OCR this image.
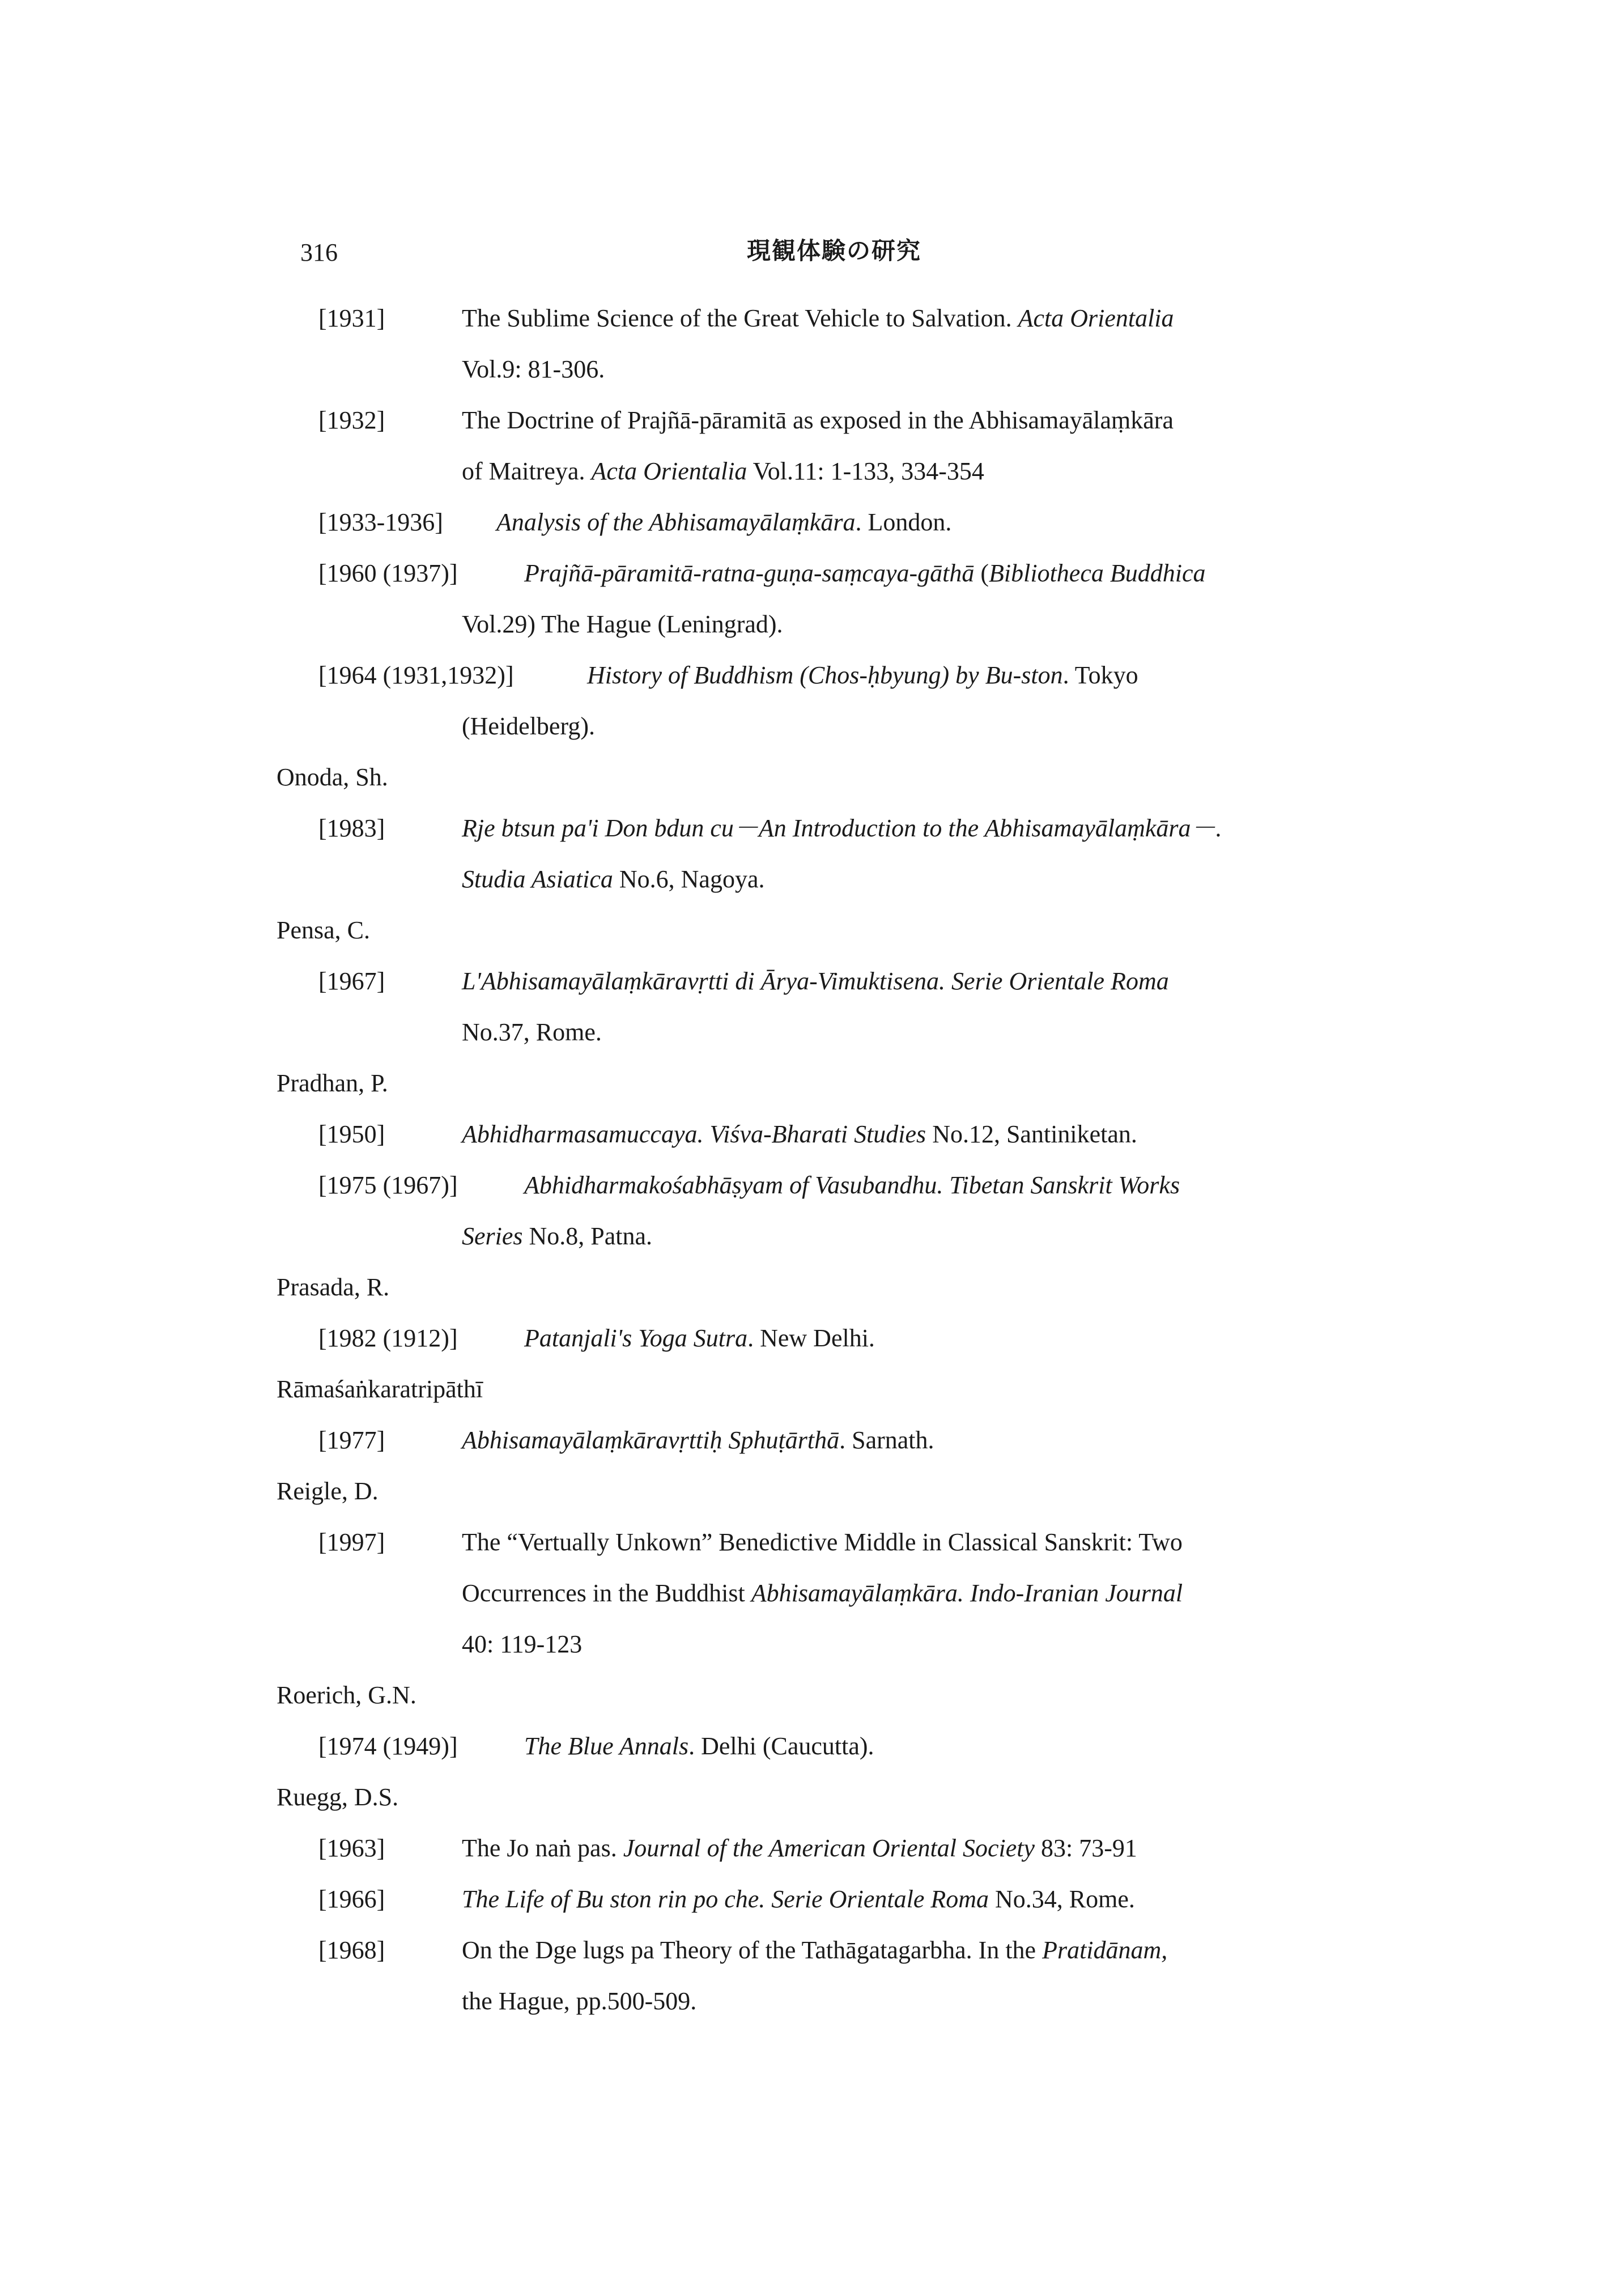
316	現観体験の研究
[1931]	The Sublime Science of the Great Vehicle to Salvation. Acta Orientalia
Vol.9: 81-306.
[1932]	The Doctrine of Prajñā-pāramitā as exposed in the Abhisamayālaṃkāra
of Maitreya. Acta Orientalia Vol.11: 1-133, 334-354
[1933-1936] Analysis of the Abhisamayālaṃkāra. London.
[1960 (1937)]	Prajñā-pāramitā-ratna-guṇa-saṃcaya-gāthā (Bibliotheca Buddhica
Vol.29) The Hague (Leningrad).
[1964 (1931,1932)]	History of Buddhism (Chos-ḥbyung) by Bu-ston. Tokyo
(Heidelberg).
Onoda, Sh.
[1983]	Rje btsun pa'i Don bdun cu－An Introduction to the Abhisamayālaṃkāra－.
Studia Asiatica No.6, Nagoya.
Pensa, C.
[1967]	L'Abhisamayālaṃkāravṛtti di Ārya-Vimuktisena. Serie Orientale Roma
No.37, Rome.
Pradhan, P.
[1950]	Abhidharmasamuccaya. Viśva-Bharati Studies No.12, Santiniketan.
[1975 (1967)]	Abhidharmakośabhāṣyam of Vasubandhu. Tibetan Sanskrit Works
Series No.8, Patna.
Prasada, R.
[1982 (1912)]	Patanjali's Yoga Sutra. New Delhi.
Rāmaśaṅkaratripāthī
[1977]	Abhisamayālaṃkāravṛttiḥ Sphuṭārthā. Sarnath.
Reigle, D.
[1997]	The “Vertually Unkown” Benedictive Middle in Classical Sanskrit: Two
Occurrences in the Buddhist Abhisamayālaṃkāra. Indo-Iranian Journal
40: 119-123
Roerich, G.N.
[1974 (1949)]	The Blue Annals. Delhi (Caucutta).
Ruegg, D.S.
[1963]	The Jo naṅ pas. Journal of the American Oriental Society 83: 73-91
[1966]	The Life of Bu ston rin po che. Serie Orientale Roma No.34, Rome.
[1968]	On the Dge lugs pa Theory of the Tathāgatagarbha. In the Pratidānam,
the Hague, pp.500-509.
